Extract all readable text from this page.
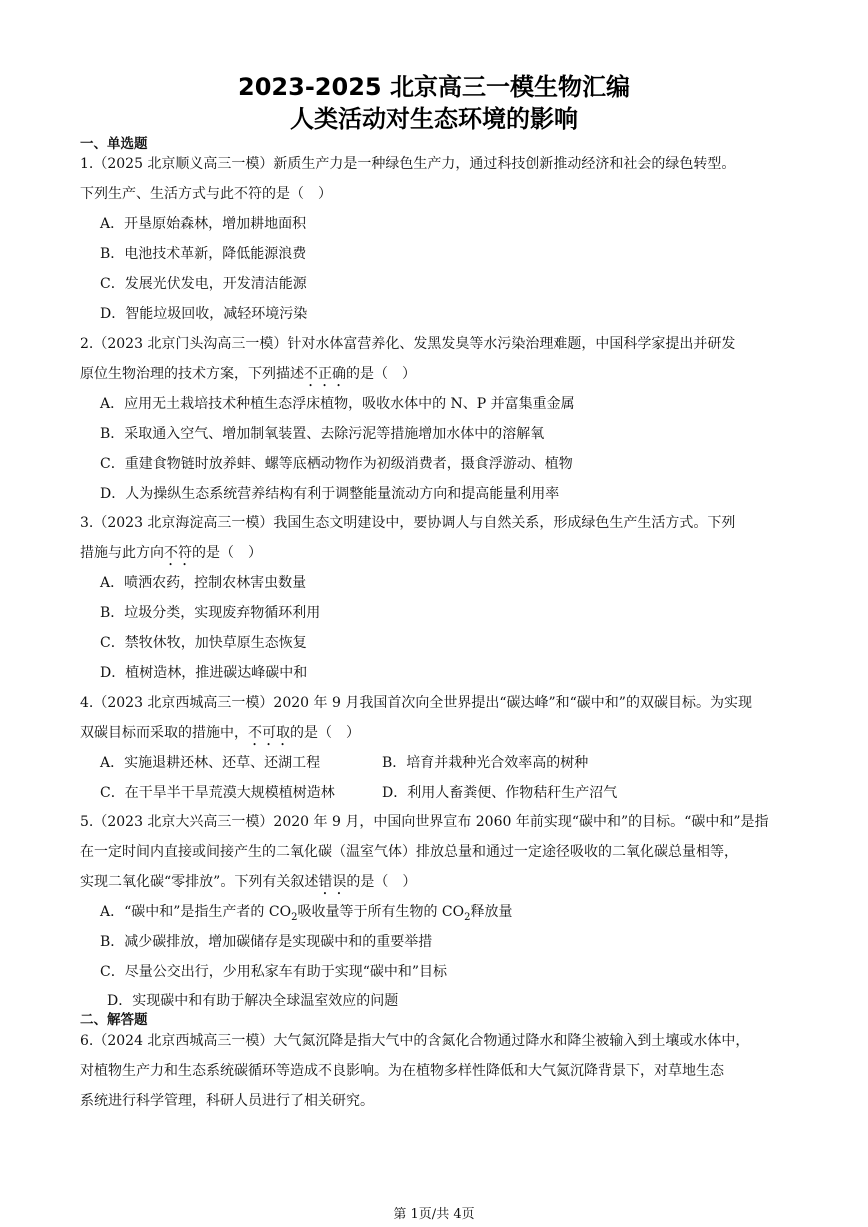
2023-2025 北京高三一模生物汇编
人类活动对生态环境的影响
一、单选题
1.（2025 北京顺义高三一模）新质生产力是一种绿色生产力，通过科技创新推动经济和社会的绿色转型。
下列生产、生活方式与此不符的是（　）
A．开垦原始森林，增加耕地面积
B．电池技术革新，降低能源浪费
C．发展光伏发电，开发清洁能源
D．智能垃圾回收，减轻环境污染
2.（2023 北京门头沟高三一模）针对水体富营养化、发黑发臭等水污染治理难题，中国科学家提出并研发
原位生物治理的技术方案，下列描述不正确的是（　）
A．应用无土栽培技术种植生态浮床植物，吸收水体中的 N、P 并富集重金属
B．采取通入空气、增加制氧装置、去除污泥等措施增加水体中的溶解氧
C．重建食物链时放养蚌、螺等底栖动物作为初级消费者，摄食浮游动、植物
D．人为操纵生态系统营养结构有利于调整能量流动方向和提高能量利用率
3.（2023 北京海淀高三一模）我国生态文明建设中，要协调人与自然关系，形成绿色生产生活方式。下列
措施与此方向不符的是（　）
A．喷洒农药，控制农林害虫数量
B．垃圾分类，实现废弃物循环利用
C．禁牧休牧，加快草原生态恢复
D．植树造林，推进碳达峰碳中和
4.（2023 北京西城高三一模）2020 年 9 月我国首次向全世界提出“碳达峰”和“碳中和”的双碳目标。为实现
双碳目标而采取的措施中，不可取的是（　）
A．实施退耕还林、还草、还湖工程	B．培育并栽种光合效率高的树种
C．在干旱半干旱荒漠大规模植树造林	D．利用人畜粪便、作物秸秆生产沼气
5.（2023 北京大兴高三一模）2020 年 9 月，中国向世界宣布 2060 年前实现“碳中和”的目标。“碳中和”是指
在一定时间内直接或间接产生的二氧化碳（温室气体）排放总量和通过一定途径吸收的二氧化碳总量相等，
实现二氧化碳“零排放”。下列有关叙述错误的是（　）
A．“碳中和”是指生产者的 $CO_2$吸收量等于所有生物的 $CO_2$释放量
B．减少碳排放，增加碳储存是实现碳中和的重要举措
C．尽量公交出行，少用私家车有助于实现“碳中和”目标
D．实现碳中和有助于解决全球温室效应的问题
二、解答题
6.（2024 北京西城高三一模）大气氮沉降是指大气中的含氮化合物通过降水和降尘被输入到土壤或水体中，
对植物生产力和生态系统碳循环等造成不良影响。为在植物多样性降低和大气氮沉降背景下，对草地生态
系统进行科学管理，科研人员进行了相关研究。
第 1页/共 4页
